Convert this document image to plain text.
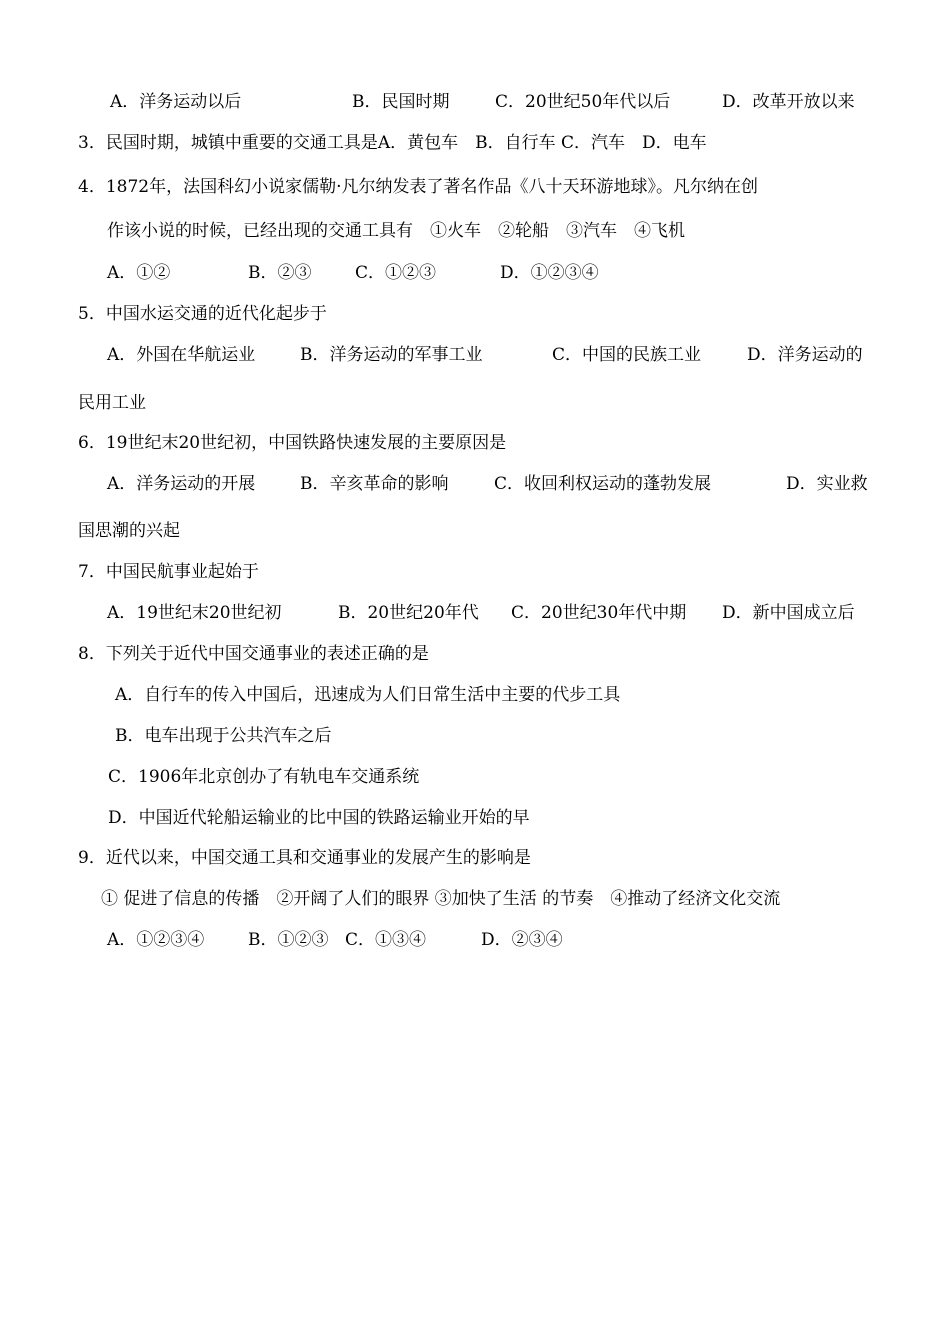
A．洋务运动以后	B．民国时期	C．20世纪50年代以后	D．改革开放以来
3．民国时期，城镇中重要的交通工具是A．黄包车　B．自行车 C．汽车　D．电车
4．1872年，法国科幻小说家儒勒·凡尔纳发表了著名作品《八十天环游地球》。凡尔纳在创
作该小说的时候，已经出现的交通工具有　①火车　②轮船　③汽车　④飞机
A．①②	B．②③	C．①②③	D．①②③④
5．中国水运交通的近代化起步于
A．外国在华航运业	B．洋务运动的军事工业	C．中国的民族工业	D．洋务运动的
民用工业
6．19世纪末20世纪初，中国铁路快速发展的主要原因是
A．洋务运动的开展	B．辛亥革命的影响	C．收回利权运动的蓬勃发展	D．实业救
国思潮的兴起
7．中国民航事业起始于
A．19世纪末20世纪初	B．20世纪20年代 C．20世纪30年代中期 D．新中国成立后
8．下列关于近代中国交通事业的表述正确的是
A．自行车的传入中国后，迅速成为人们日常生活中主要的代步工具
B．电车出现于公共汽车之后
C．1906年北京创办了有轨电车交通系统
D．中国近代轮船运输业的比中国的铁路运输业开始的早
9．近代以来，中国交通工具和交通事业的发展产生的影响是
① 促进了信息的传播　②开阔了人们的眼界 ③加快了生活 的节奏　④推动了经济文化交流
A．①②③④	B．①②③ C．①③④	D．②③④
